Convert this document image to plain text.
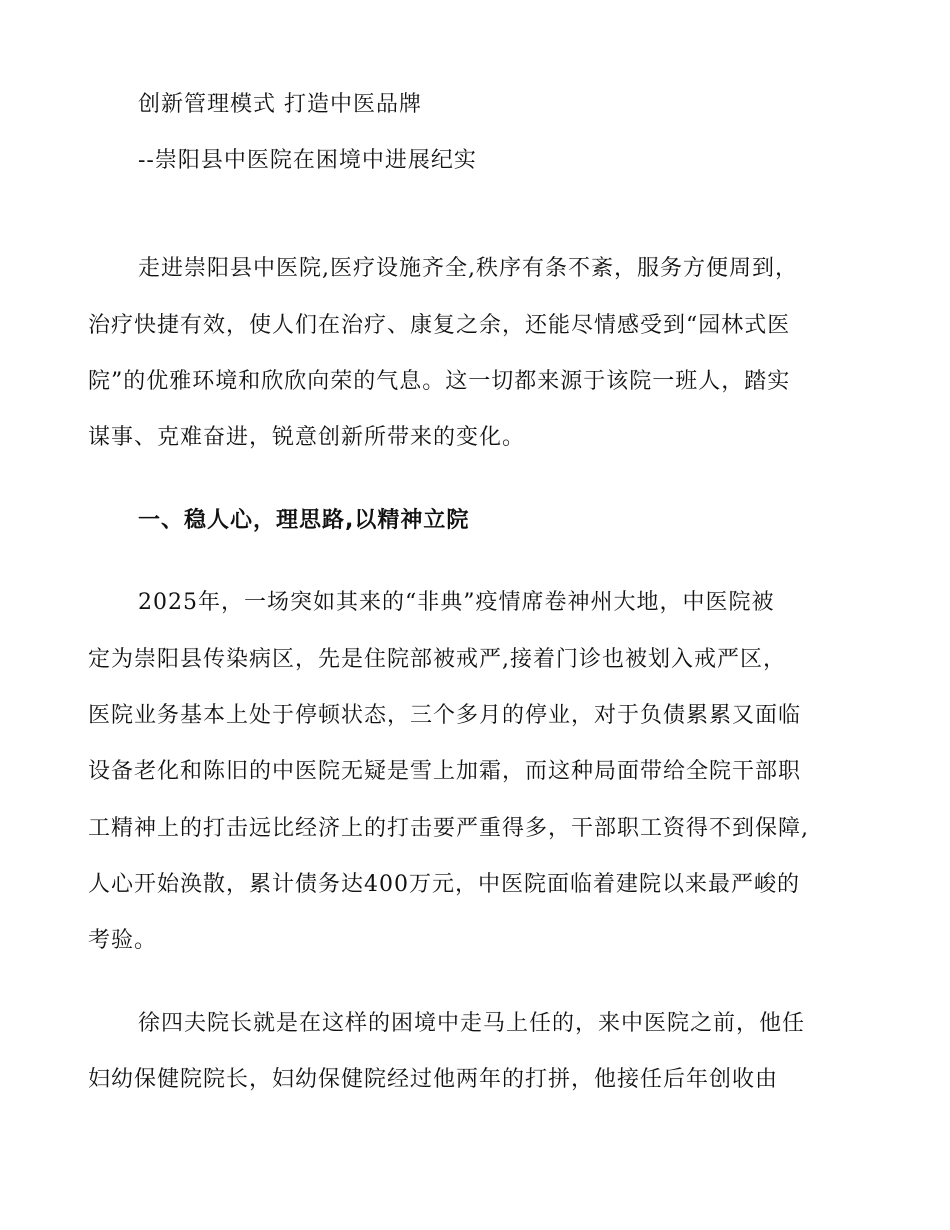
创新管理模式 打造中医品牌
--崇阳县中医院在困境中进展纪实
走进崇阳县中医院,医疗设施齐全,秩序有条不紊，服务方便周到，
治疗快捷有效，使人们在治疗、康复之余，还能尽情感受到“园林式医
院”的优雅环境和欣欣向荣的气息。这一切都来源于该院一班人，踏实
谋事、克难奋进，锐意创新所带来的变化。
一、稳人心，理思路,以精神立院
2025年，一场突如其来的“非典”疫情席卷神州大地，中医院被
定为崇阳县传染病区，先是住院部被戒严,接着门诊也被划入戒严区，
医院业务基本上处于停顿状态，三个多月的停业，对于负债累累又面临
设备老化和陈旧的中医院无疑是雪上加霜，而这种局面带给全院干部职
工精神上的打击远比经济上的打击要严重得多，干部职工资得不到保障,
人心开始涣散，累计债务达400万元，中医院面临着建院以来最严峻的
考验。
徐四夫院长就是在这样的困境中走马上任的，来中医院之前，他任
妇幼保健院院长，妇幼保健院经过他两年的打拼，他接任后年创收由
